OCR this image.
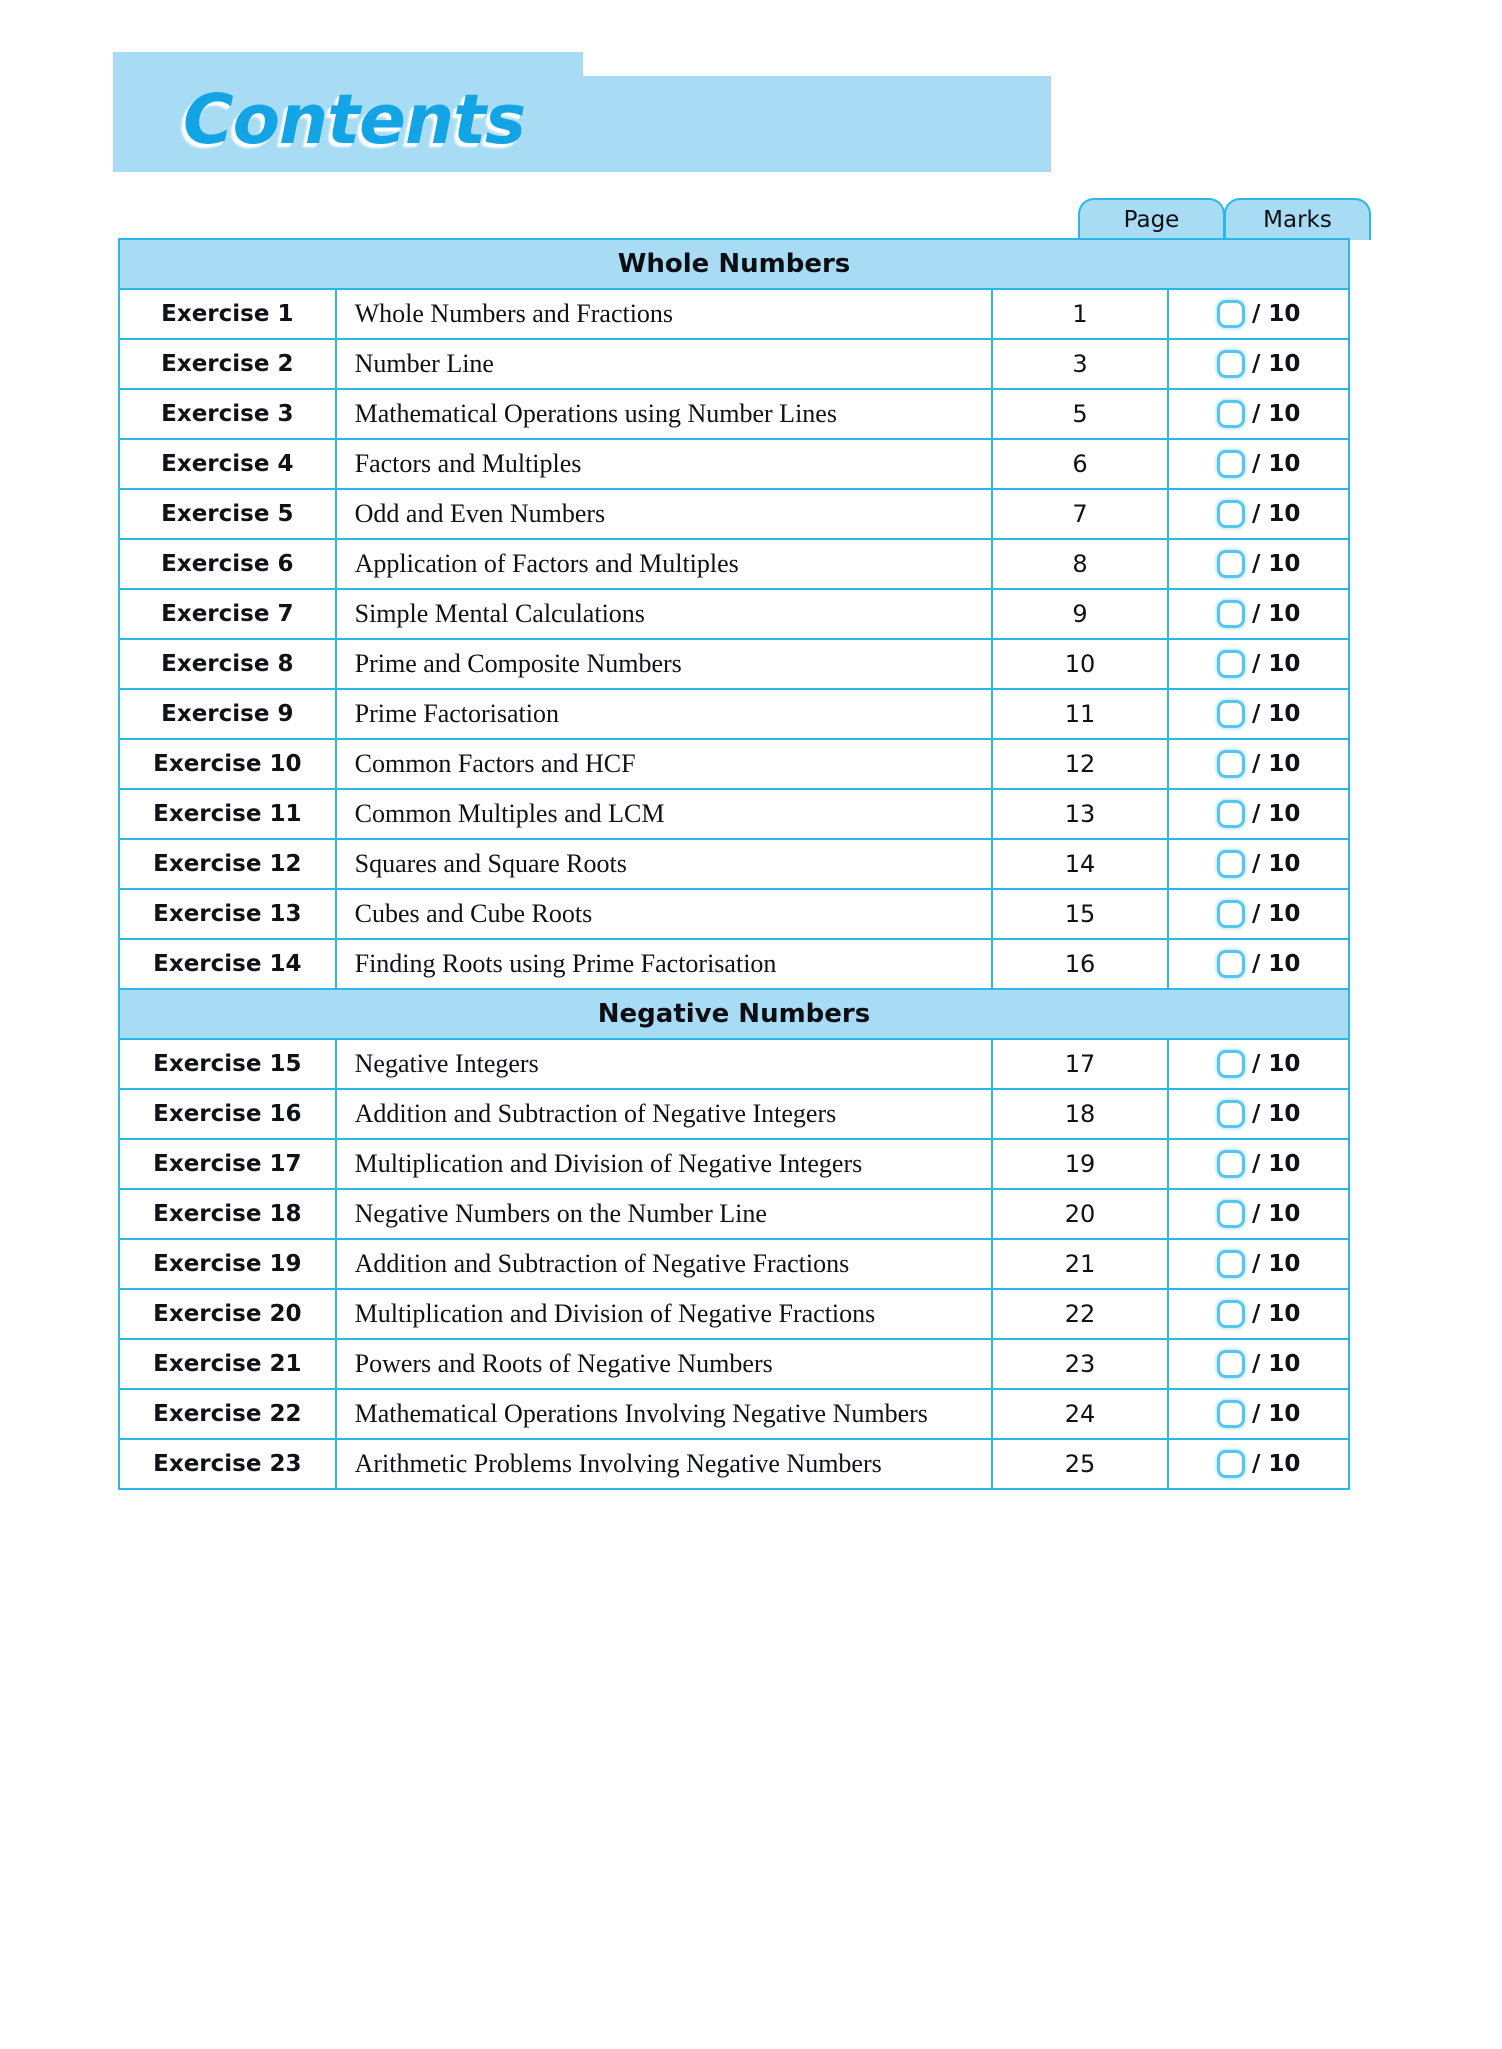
Contents
Page	Marks
Whole Numbers			
Exercise 1	Whole Numbers and Fractions	1	/ 10

Exercise 2	Number Line	3	/ 10

Exercise 3	Mathematical Operations using Number Lines	5	/ 10

Exercise 4	Factors and Multiples	6	/ 10

Exercise 5	Odd and Even Numbers	7	/ 10

Exercise 6	Application of Factors and Multiples	8	/ 10

Exercise 7	Simple Mental Calculations	9	/ 10

Exercise 8	Prime and Composite Numbers	10	/ 10

Exercise 9	Prime Factorisation	11	/ 10

Exercise 10	Common Factors and HCF	12	/ 10

Exercise 11	Common Multiples and LCM	13	/ 10

Exercise 12	Squares and Square Roots	14	/ 10

Exercise 13	Cubes and Cube Roots	15	/ 10

Exercise 14	Finding Roots using Prime Factorisation	16	/ 10

Negative Numbers			
Exercise 15	Negative Integers	17	/ 10

Exercise 16	Addition and Subtraction of Negative Integers	18	/ 10

Exercise 17	Multiplication and Division of Negative Integers	19	/ 10

Exercise 18	Negative Numbers on the Number Line	20	/ 10

Exercise 19	Addition and Subtraction of Negative Fractions	21	/ 10

Exercise 20	Multiplication and Division of Negative Fractions	22	/ 10

Exercise 21	Powers and Roots of Negative Numbers	23	/ 10

Exercise 22	Mathematical Operations Involving Negative Numbers	24	/ 10

Exercise 23	Arithmetic Problems Involving Negative Numbers	25	/ 10
